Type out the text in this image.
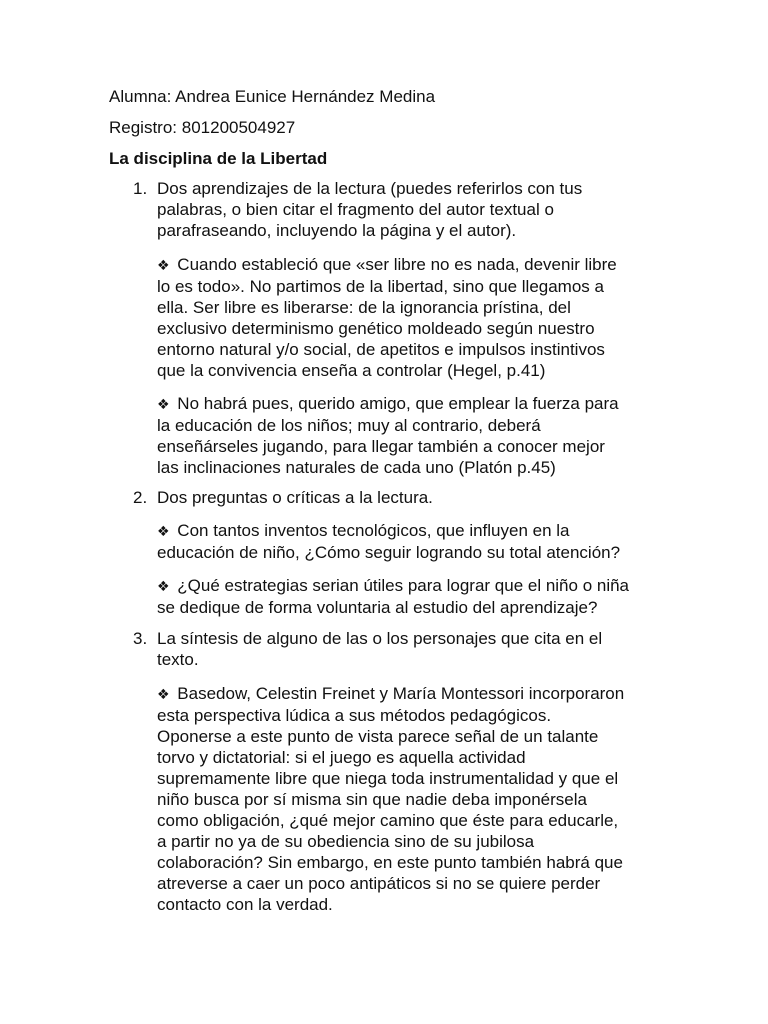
Alumna: Andrea Eunice Hernández Medina
Registro: 801200504927
La disciplina de la Libertad
1. Dos aprendizajes de la lectura (puedes referirlos con tus
palabras, o bien citar el fragmento del autor textual o
parafraseando, incluyendo la página y el autor).
❖ Cuando estableció que «ser libre no es nada, devenir libre
lo es todo». No partimos de la libertad, sino que llegamos a
ella. Ser libre es liberarse: de la ignorancia prístina, del
exclusivo determinismo genético moldeado según nuestro
entorno natural y/o social, de apetitos e impulsos instintivos
que la convivencia enseña a controlar (Hegel, p.41)
❖ No habrá pues, querido amigo, que emplear la fuerza para
la educación de los niños; muy al contrario, deberá
enseñárseles jugando, para llegar también a conocer mejor
las inclinaciones naturales de cada uno (Platón p.45)
2. Dos preguntas o críticas a la lectura.
❖ Con tantos inventos tecnológicos, que influyen en la
educación de niño, ¿Cómo seguir logrando su total atención?
❖ ¿Qué estrategias serian útiles para lograr que el niño o niña
se dedique de forma voluntaria al estudio del aprendizaje?
3. La síntesis de alguno de las o los personajes que cita en el
texto.
❖ Basedow, Celestin Freinet y María Montessori incorporaron
esta perspectiva lúdica a sus métodos pedagógicos.
Oponerse a este punto de vista parece señal de un talante
torvo y dictatorial: si el juego es aquella actividad
supremamente libre que niega toda instrumentalidad y que el
niño busca por sí misma sin que nadie deba imponérsela
como obligación, ¿qué mejor camino que éste para educarle,
a partir no ya de su obediencia sino de su jubilosa
colaboración? Sin embargo, en este punto también habrá que
atreverse a caer un poco antipáticos si no se quiere perder
contacto con la verdad.
